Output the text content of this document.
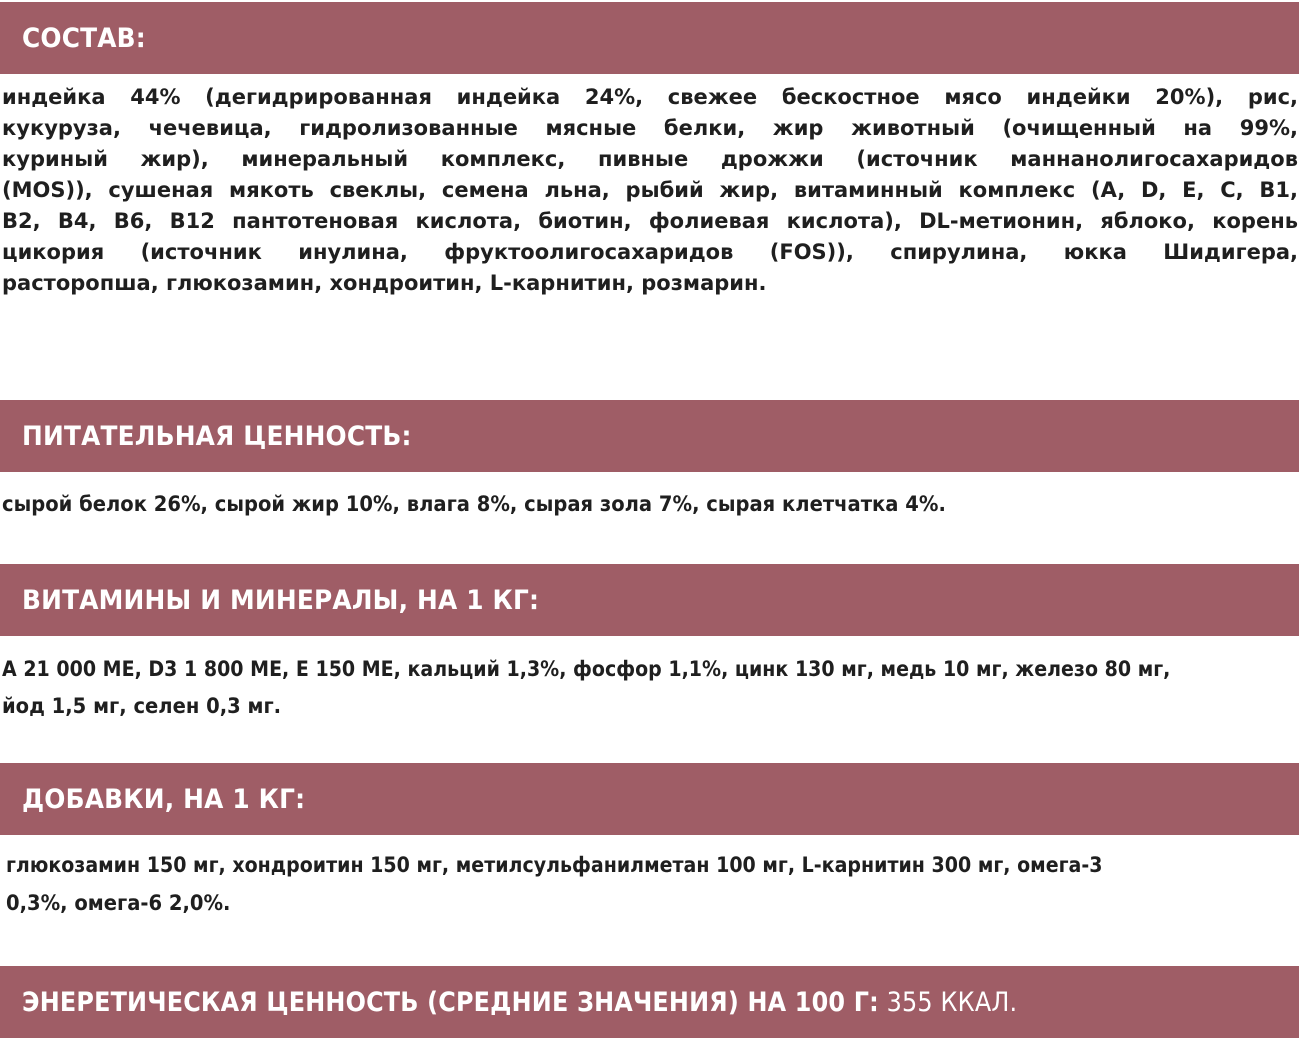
СОСТАВ:
индейка 44% (дегидрированная индейка 24%, свежее бескостное мясо индейки 20%), рис,
кукуруза, чечевица, гидролизованные мясные белки, жир животный (очищенный на 99%,
куриный жир), минеральный комплекс, пивные дрожжи (источник маннанолигосахаридов
(MOS)), сушеная мякоть свеклы, семена льна, рыбий жир, витаминный комплекс (A, D, E, C, B1,
B2, B4, B6, B12 пантотеновая кислота, биотин, фолиевая кислота), DL-метионин, яблоко, корень
цикория (источник инулина, фруктоолигосахаридов (FOS)), спирулина, юкка Шидигера,
расторопша, глюкозамин, хондроитин, L-карнитин, розмарин.
ПИТАТЕЛЬНАЯ ЦЕННОСТЬ:
сырой белок 26%, сырой жир 10%, влага 8%, сырая зола 7%, сырая клетчатка 4%.
ВИТАМИНЫ И МИНЕРАЛЫ, НА 1 КГ:
A 21 000 МЕ, D3 1 800 МЕ, E 150 МЕ, кальций 1,3%, фосфор 1,1%, цинк 130 мг, медь 10 мг, железо 80 мг,
йод 1,5 мг, селен 0,3 мг.
ДОБАВКИ, НА 1 КГ:
глюкозамин 150 мг, хондроитин 150 мг, метилсульфанилметан 100 мг, L-карнитин 300 мг, омега-3
0,3%, омега-6 2,0%.
ЭНЕРЕТИЧЕСКАЯ ЦЕННОСТЬ (СРЕДНИЕ ЗНАЧЕНИЯ) НА 100 Г: 355 ККАЛ.
